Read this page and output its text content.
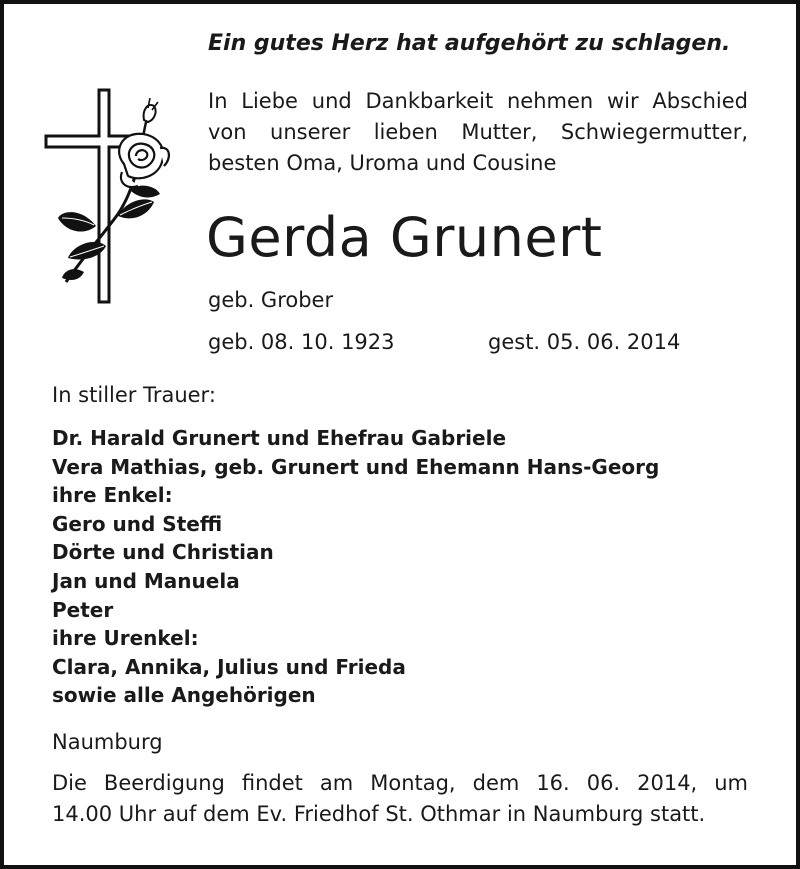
Ein gutes Herz hat aufgehört zu schlagen.
In Liebe und Dankbarkeit nehmen wir Abschied
von unserer lieben Mutter, Schwiegermutter,
besten Oma, Uroma und Cousine
Gerda Grunert
geb. Grober
geb. 08. 10. 1923	gest. 05. 06. 2014
In stiller Trauer:
Dr. Harald Grunert und Ehefrau Gabriele
Vera Mathias, geb. Grunert und Ehemann Hans-Georg
ihre Enkel:
Gero und Steffi
Dörte und Christian
Jan und Manuela
Peter
ihre Urenkel:
Clara, Annika, Julius und Frieda
sowie alle Angehörigen
Naumburg
Die Beerdigung findet am Montag, dem 16. 06. 2014, um
14.00 Uhr auf dem Ev. Friedhof St. Othmar in Naumburg statt.
